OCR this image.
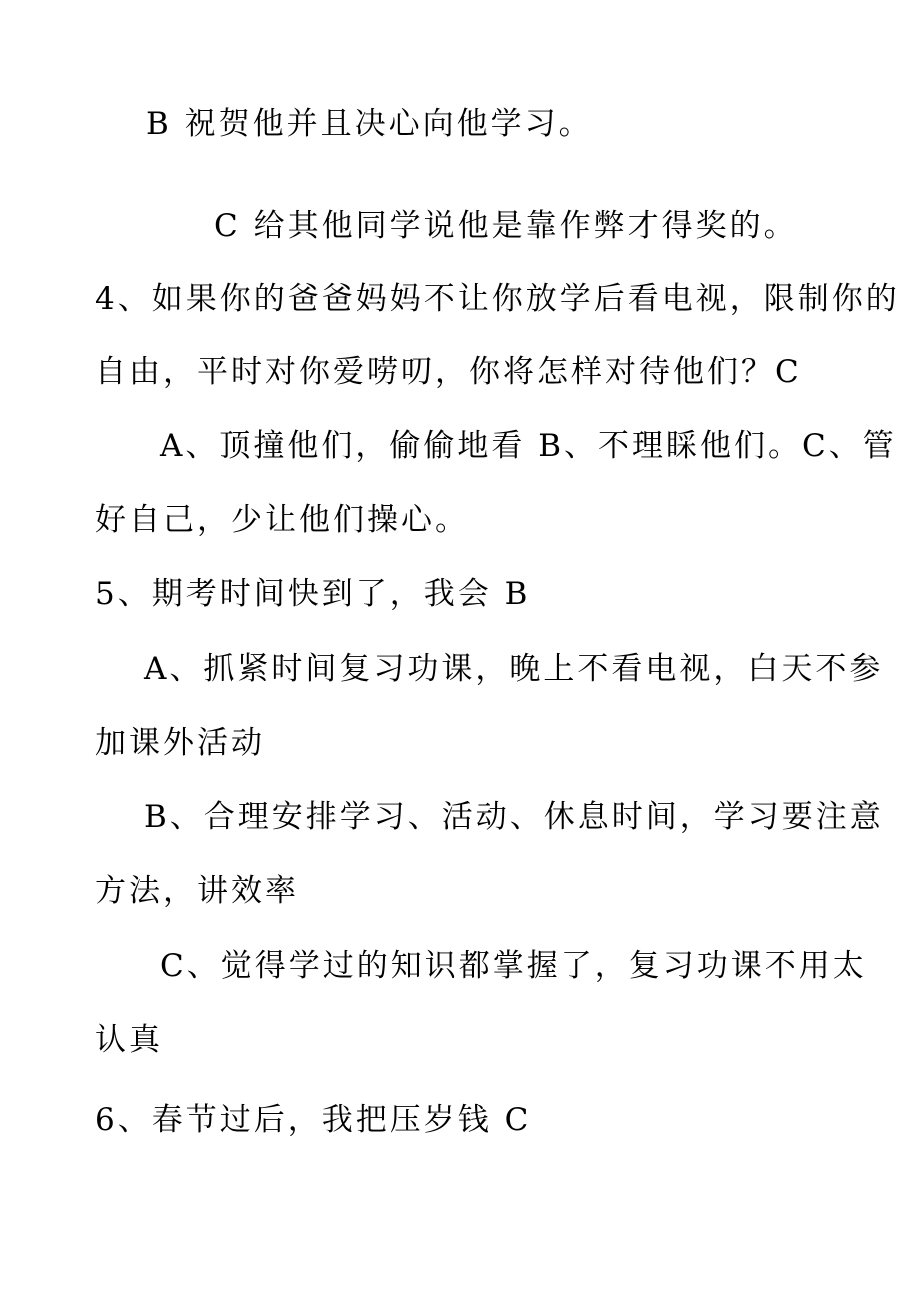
B 祝贺他并且决心向他学习。
C 给其他同学说他是靠作弊才得奖的。
4、如果你的爸爸妈妈不让你放学后看电视，限制你的
自由，平时对你爱唠叨，你将怎样对待他们？C
A、顶撞他们，偷偷地看 B、不理睬他们。C、管
好自己，少让他们操心。
5、期考时间快到了，我会 B
A、抓紧时间复习功课，晚上不看电视，白天不参
加课外活动
B、合理安排学习、活动、休息时间，学习要注意
方法，讲效率
C、觉得学过的知识都掌握了，复习功课不用太
认真
6、春节过后，我把压岁钱 C
